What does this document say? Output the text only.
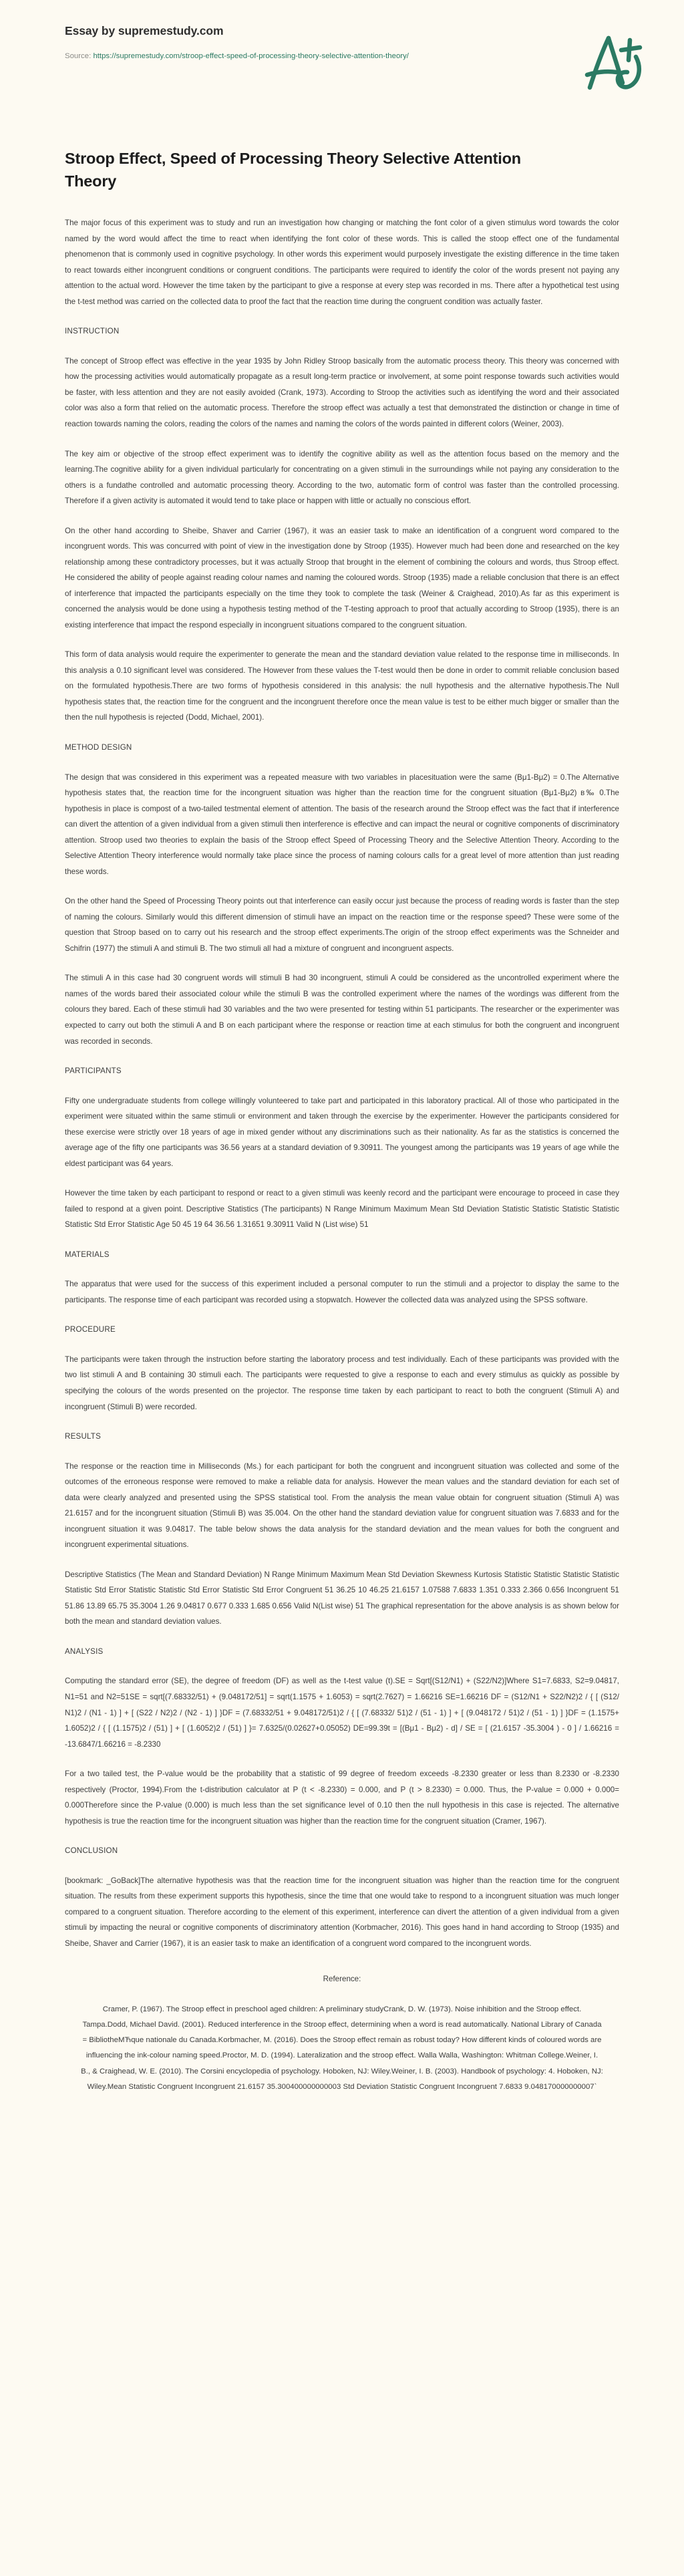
Essay by supremestudy.com
Source: https://supremestudy.com/stroop-effect-speed-of-processing-theory-selective-attention-theory/
Stroop Effect, Speed of Processing Theory Selective Attention Theory

The major focus of this experiment was to study and run an investigation how changing or matching the font color of a given stimulus word towards the color named by the word would affect the time to react when identifying the font color of these words. This is called the stoop effect one of the fundamental phenomenon that is commonly used in cognitive psychology. In other words this experiment would purposely investigate the existing difference in the time taken to react towards either incongruent conditions or congruent conditions. The participants were required to identify the color of the words present not paying any attention to the actual word. However the time taken by the participant to give a response at every step was recorded in ms. There after a hypothetical test using the t-test method was carried on the collected data to proof the fact that the reaction time during the congruent condition was actually faster.

INSTRUCTION

The concept of Stroop effect was effective in the year 1935 by John Ridley Stroop basically from the automatic process theory. This theory was concerned with how the processing activities would automatically propagate as a result long-term practice or involvement, at some point response towards such activities would be faster, with less attention and they are not easily avoided (Crank, 1973). According to Stroop the activities such as identifying the word and their associated color was also a form that relied on the automatic process. Therefore the stroop effect was actually a test that demonstrated the distinction or change in time of reaction towards naming the colors, reading the colors of the names and naming the colors of the words painted in different colors (Weiner, 2003).

The key aim or objective of the stroop effect experiment was to identify the cognitive ability as well as the attention focus based on the memory and the learning.The cognitive ability for a given individual particularly for concentrating on a given stimuli in the surroundings while not paying any consideration to the others is a fundathe controlled and automatic processing theory. According to the two, automatic form of control was faster than the controlled processing. Therefore if a given activity is automated it would tend to take place or happen with little or actually no conscious effort.

On the other hand according to Sheibe, Shaver and Carrier (1967), it was an easier task to make an identification of a congruent word compared to the incongruent words. This was concurred with point of view in the investigation done by Stroop (1935). However much had been done and researched on the key relationship among these contradictory processes, but it was actually Stroop that brought in the element of combining the colours and words, thus Stroop effect. He considered the ability of people against reading colour names and naming the coloured words. Stroop (1935) made a reliable conclusion that there is an effect of interference that impacted the participants especially on the time they took to complete the task (Weiner & Craighead, 2010).As far as this experiment is concerned the analysis would be done using a hypothesis testing method of the T-testing approach to proof that actually according to Stroop (1935), there is an existing interference that impact the respond especially in incongruent situations compared to the congruent situation.

This form of data analysis would require the experimenter to generate the mean and the standard deviation value related to the response time in milliseconds. In this analysis a 0.10 significant level was considered. The However from these values the T-test would then be done in order to commit reliable conclusion based on the formulated hypothesis.There are two forms of hypothesis considered in this analysis: the null hypothesis and the alternative hypothesis.The Null hypothesis states that, the reaction time for the congruent and the incongruent therefore once the mean value is test to be either much bigger or smaller than the then the null hypothesis is rejected (Dodd, Michael, 2001).

METHOD DESIGN

The design that was considered in this experiment was a repeated measure with two variables in placesituation were the same (Bμ1-Bμ2) = 0.The Alternative hypothesis states that, the reaction time for the incongruent situation was higher than the reaction time for the congruent situation (Bμ1-Bμ2) в‰ 0.The hypothesis in place is compost of a two-tailed testmental element of attention. The basis of the research around the Stroop effect was the fact that if interference can divert the attention of a given individual from a given stimuli then interference is effective and can impact the neural or cognitive components of discriminatory attention. Stroop used two theories to explain the basis of the Stroop effect Speed of Processing Theory and the Selective Attention Theory. According to the Selective Attention Theory interference would normally take place since the process of naming colours calls for a great level of more attention than just reading these words.

On the other hand the Speed of Processing Theory points out that interference can easily occur just because the process of reading words is faster than the step of naming the colours. Similarly would this different dimension of stimuli have an impact on the reaction time or the response speed? These were some of the question that Stroop based on to carry out his research and the stroop effect experiments.The origin of the stroop effect experiments was the Schneider and Schifrin (1977) the stimuli A and stimuli B. The two stimuli all had a mixture of congruent and incongruent aspects.

The stimuli A in this case had 30 congruent words will stimuli B had 30 incongruent, stimuli A could be considered as the uncontrolled experiment where the names of the words bared their associated colour while the stimuli B was the controlled experiment where the names of the wordings was different from the colours they bared. Each of these stimuli had 30 variables and the two were presented for testing within 51 participants. The researcher or the experimenter was expected to carry out both the stimuli A and B on each participant where the response or reaction time at each stimulus for both the congruent and incongruent was recorded in seconds.

PARTICIPANTS

Fifty one undergraduate students from college willingly volunteered to take part and participated in this laboratory practical. All of those who participated in the experiment were situated within the same stimuli or environment and taken through the exercise by the experimenter. However the participants considered for these exercise were strictly over 18 years of age in mixed gender without any discriminations such as their nationality. As far as the statistics is concerned the average age of the fifty one participants was 36.56 years at a standard deviation of 9.30911. The youngest among the participants was 19 years of age while the eldest participant was 64 years.

However the time taken by each participant to respond or react to a given stimuli was keenly record and the participant were encourage to proceed in case they failed to respond at a given point. Descriptive Statistics (The participants) N Range Minimum Maximum Mean Std Deviation Statistic Statistic Statistic Statistic Statistic Std Error Statistic Age 50 45 19 64 36.56 1.31651 9.30911 Valid N (List wise) 51

MATERIALS

The apparatus that were used for the success of this experiment included a personal computer to run the stimuli and a projector to display the same to the participants. The response time of each participant was recorded using a stopwatch. However the collected data was analyzed using the SPSS software.

PROCEDURE

The participants were taken through the instruction before starting the laboratory process and test individually. Each of these participants was provided with the two list stimuli A and B containing 30 stimuli each. The participants were requested to give a response to each and every stimulus as quickly as possible by specifying the colours of the words presented on the projector. The response time taken by each participant to react to both the congruent (Stimuli A) and incongruent (Stimuli B) were recorded.

RESULTS

The response or the reaction time in Milliseconds (Ms.) for each participant for both the congruent and incongruent situation was collected and some of the outcomes of the erroneous response were removed to make a reliable data for analysis. However the mean values and the standard deviation for each set of data were clearly analyzed and presented using the SPSS statistical tool. From the analysis the mean value obtain for congruent situation (Stimuli A) was 21.6157 and for the incongruent situation (Stimuli B) was 35.004. On the other hand the standard deviation value for congruent situation was 7.6833 and for the incongruent situation it was 9.04817. The table below shows the data analysis for the standard deviation and the mean values for both the congruent and incongruent experimental situations.

Descriptive Statistics (The Mean and Standard Deviation) N Range Minimum Maximum Mean Std Deviation Skewness Kurtosis Statistic Statistic Statistic Statistic Statistic Std Error Statistic Statistic Std Error Statistic Std Error Congruent 51 36.25 10 46.25 21.6157 1.07588 7.6833 1.351 0.333 2.366 0.656 Incongruent 51 51.86 13.89 65.75 35.3004 1.26 9.04817 0.677 0.333 1.685 0.656 Valid N(List wise) 51 The graphical representation for the above analysis is as shown below for both the mean and standard deviation values.

ANALYSIS

Computing the standard error (SE), the degree of freedom (DF) as well as the t-test value (t).SE = Sqrt[(S12/N1) + (S22/N2)]Where S1=7.6833, S2=9.04817, N1=51 and N2=51SE = sqrt[(7.68332/51) + (9.048172/51] = sqrt(1.1575 + 1.6053) = sqrt(2.7627) = 1.66216 SE=1.66216 DF = (S12/N1 + S22/N2)2 / { [ (S12/ N1)2 / (N1 - 1) ] + [ (S22 / N2)2 / (N2 - 1) ] }DF = (7.68332/51 + 9.048172/51)2 / { [ (7.68332/ 51)2 / (51 - 1) ] + [ (9.048172 / 51)2 / (51 - 1) ] }DF = (1.1575+ 1.6052)2 / { [ (1.1575)2 / (51) ] + [ (1.6052)2 / (51) ] }= 7.6325/(0.02627+0.05052) DE=99.39t = [(Bμ1 - Bμ2) - d] / SE = [ (21.6157 -35.3004 ) - 0 ] / 1.66216 = -13.6847/1.66216 = -8.2330

For a two tailed test, the P-value would be the probability that a statistic of 99 degree of freedom exceeds -8.2330 greater or less than 8.2330 or -8.2330 respectively (Proctor, 1994).From the t-distribution calculator at P (t < -8.2330) = 0.000, and P (t > 8.2330) = 0.000. Thus, the P-value = 0.000 + 0.000= 0.000Therefore since the P-value (0.000) is much less than the set significance level of 0.10 then the null hypothesis in this case is rejected. The alternative hypothesis is true the reaction time for the incongruent situation was higher than the reaction time for the congruent situation (Cramer, 1967).

CONCLUSION

[bookmark: _GoBack]The alternative hypothesis was that the reaction time for the incongruent situation was higher than the reaction time for the congruent situation. The results from these experiment supports this hypothesis, since the time that one would take to respond to a incongruent situation was much longer compared to a congruent situation. Therefore according to the element of this experiment, interference can divert the attention of a given individual from a given stimuli by impacting the neural or cognitive components of discriminatory attention (Korbmacher, 2016). This goes hand in hand according to Stroop (1935) and Sheibe, Shaver and Carrier (1967), it is an easier task to make an identification of a congruent word compared to the incongruent words.

Reference:
Cramer, P. (1967). The Stroop effect in preschool aged children: A preliminary studyCrank, D. W. (1973). Noise inhibition and the Stroop effect. Tampa.Dodd, Michael David. (2001). Reduced interference in the Stroop effect, determining when a word is read automatically. National Library of Canada = BibliotheMЋque nationale du Canada.Korbmacher, M. (2016). Does the Stroop effect remain as robust today? How different kinds of coloured words are influencing the ink-colour naming speed.Proctor, M. D. (1994). Lateralization and the stroop effect. Walla Walla, Washington: Whitman College.Weiner, I. B., & Craighead, W. E. (2010). The Corsini encyclopedia of psychology. Hoboken, NJ: Wiley.Weiner, I. B. (2003). Handbook of psychology: 4. Hoboken, NJ: Wiley.Mean Statistic Congruent Incongruent 21.6157 35.300400000000003 Std Deviation Statistic Congruent Incongruent 7.6833 9.048170000000007`
